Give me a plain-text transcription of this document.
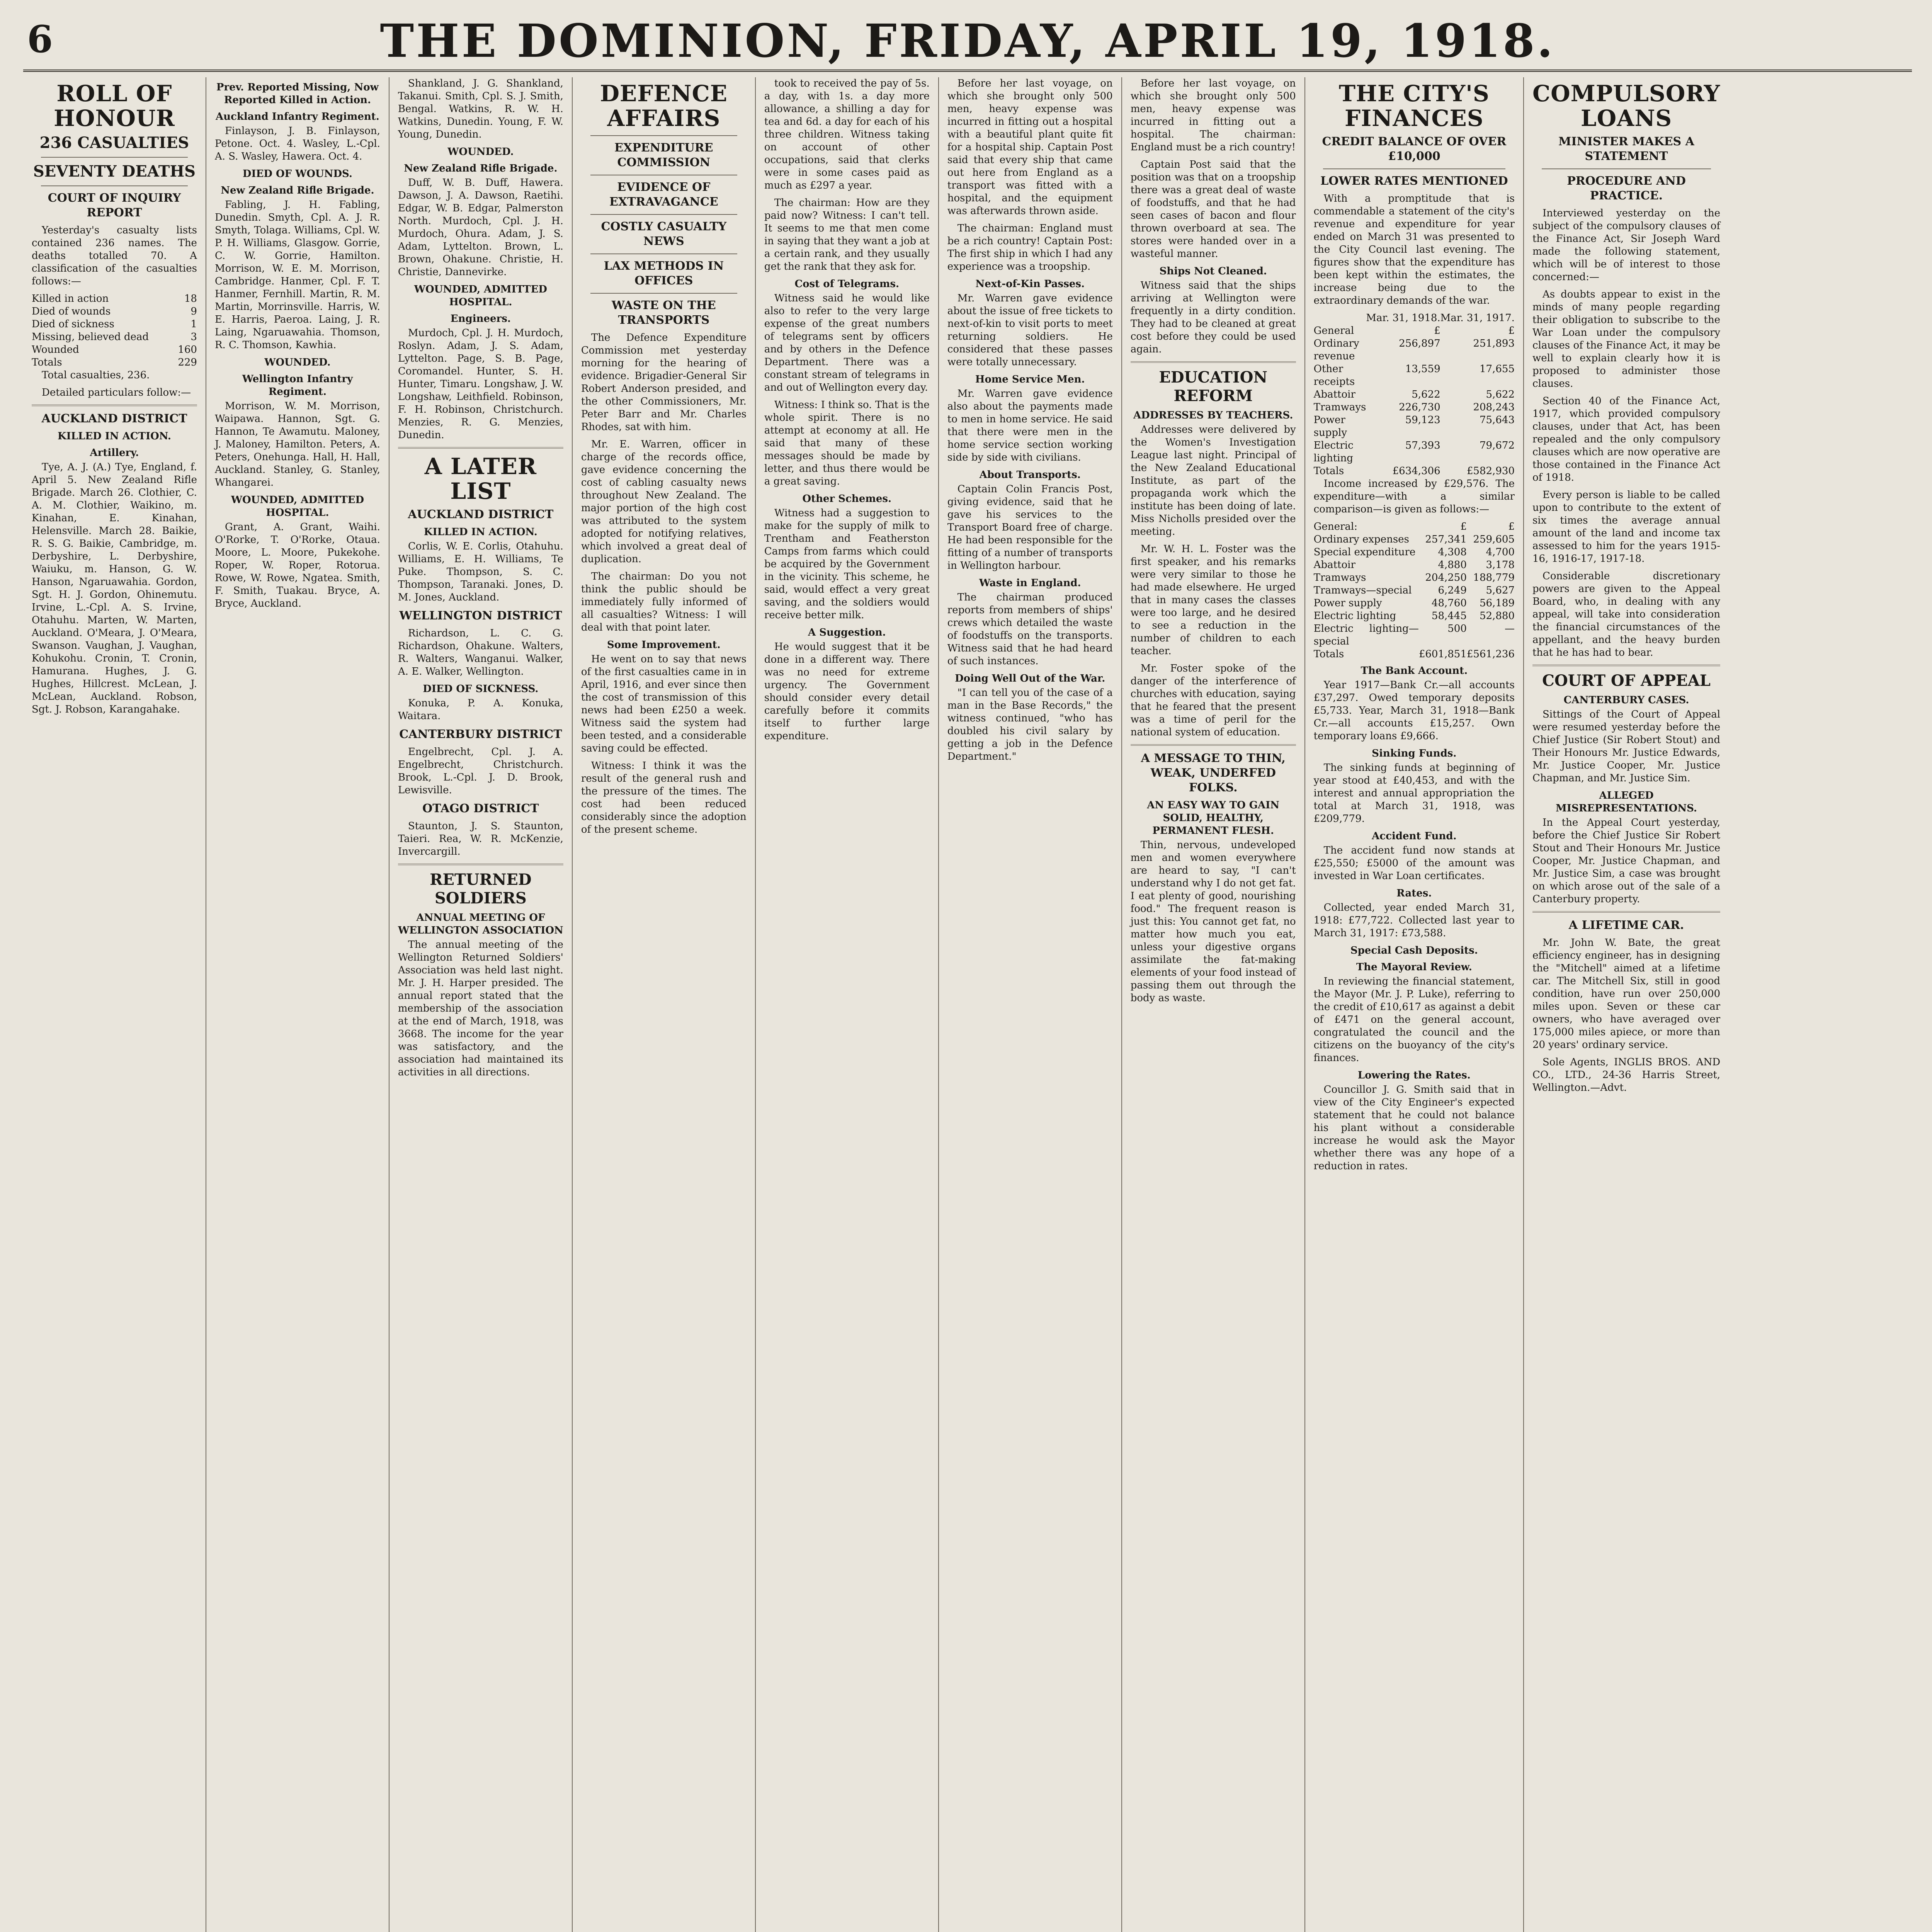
6	THE DOMINION, FRIDAY, APRIL 19, 1918.
ROLL OF HONOUR
236 CASUALTIES
SEVENTY DEATHS
COURT OF INQUIRY REPORT

Yesterday's casualty lists contained 236 names. The deaths totalled 70. A classification of the casualties follows:—

Killed in action	18
Died of wounds	9
Died of sickness	1
Missing, believed dead	3
Wounded	160
Totals	229

Total casualties, 236.

Detailed particulars follow:—

AUCKLAND DISTRICT
KILLED IN ACTION.
Artillery.

Tye, A. J. (A.) Tye, England, f. April 5. New Zealand Rifle Brigade. March 26. Clothier, C. A. M. Clothier, Waikino, m. Kinahan, E. Kinahan, Helensville. March 28. Baikie, R. S. G. Baikie, Cambridge, m. Derbyshire, L. Derbyshire, Waiuku, m. Hanson, G. W. Hanson, Ngaruawahia. Gordon, Sgt. H. J. Gordon, Ohinemutu. Irvine, L.-Cpl. A. S. Irvine, Otahuhu. Marten, W. Marten, Auckland. O'Meara, J. O'Meara, Swanson. Vaughan, J. Vaughan, Kohukohu. Cronin, T. Cronin, Hamurana. Hughes, J. G. Hughes, Hillcrest. McLean, J. McLean, Auckland. Robson, Sgt. J. Robson, Karangahake.

Prev. Reported Missing, Now Reported Killed in Action.
Auckland Infantry Regiment.

Finlayson, J. B. Finlayson, Petone. Oct. 4. Wasley, L.-Cpl. A. S. Wasley, Hawera. Oct. 4.

DIED OF WOUNDS.
New Zealand Rifle Brigade.

Fabling, J. H. Fabling, Dunedin. Smyth, Cpl. A. J. R. Smyth, Tolaga. Williams, Cpl. W. P. H. Williams, Glasgow. Gorrie, C. W. Gorrie, Hamilton. Morrison, W. E. M. Morrison, Cambridge. Hanmer, Cpl. F. T. Hanmer, Fernhill. Martin, R. M. Martin, Morrinsville. Harris, W. E. Harris, Paeroa. Laing, J. R. Laing, Ngaruawahia. Thomson, R. C. Thomson, Kawhia.

WOUNDED.
Wellington Infantry Regiment.

Morrison, W. M. Morrison, Waipawa. Hannon, Sgt. G. Hannon, Te Awamutu. Maloney, J. Maloney, Hamilton. Peters, A. Peters, Onehunga. Hall, H. Hall, Auckland. Stanley, G. Stanley, Whangarei.

WOUNDED, ADMITTED HOSPITAL.

Grant, A. Grant, Waihi. O'Rorke, T. O'Rorke, Otaua. Moore, L. Moore, Pukekohe. Roper, W. Roper, Rotorua. Rowe, W. Rowe, Ngatea. Smith, F. Smith, Tuakau. Bryce, A. Bryce, Auckland.

Shankland, J. G. Shankland, Takanui. Smith, Cpl. S. J. Smith, Bengal. Watkins, R. W. H. Watkins, Dunedin. Young, F. W. Young, Dunedin.

WOUNDED.
New Zealand Rifle Brigade.

Duff, W. B. Duff, Hawera. Dawson, J. A. Dawson, Raetihi. Edgar, W. B. Edgar, Palmerston North. Murdoch, Cpl. J. H. Murdoch, Ohura. Adam, J. S. Adam, Lyttelton. Brown, L. Brown, Ohakune. Christie, H. Christie, Dannevirke.

WOUNDED, ADMITTED HOSPITAL.
Engineers.

Murdoch, Cpl. J. H. Murdoch, Roslyn. Adam, J. S. Adam, Lyttelton. Page, S. B. Page, Coromandel. Hunter, S. H. Hunter, Timaru. Longshaw, J. W. Longshaw, Leithfield. Robinson, F. H. Robinson, Christchurch. Menzies, R. G. Menzies, Dunedin.

A LATER LIST
AUCKLAND DISTRICT
KILLED IN ACTION.

Corlis, W. E. Corlis, Otahuhu. Williams, E. H. Williams, Te Puke. Thompson, S. C. Thompson, Taranaki. Jones, D. M. Jones, Auckland.

WELLINGTON DISTRICT

Richardson, L. C. G. Richardson, Ohakune. Walters, R. Walters, Wanganui. Walker, A. E. Walker, Wellington.

DIED OF SICKNESS.

Konuka, P. A. Konuka, Waitara.

CANTERBURY DISTRICT

Engelbrecht, Cpl. J. A. Engelbrecht, Christchurch. Brook, L.-Cpl. J. D. Brook, Lewisville.

OTAGO DISTRICT

Staunton, J. S. Staunton, Taieri. Rea, W. R. McKenzie, Invercargill.

RETURNED SOLDIERS
ANNUAL MEETING OF WELLINGTON ASSOCIATION

The annual meeting of the Wellington Returned Soldiers' Association was held last night. Mr. J. H. Harper presided. The annual report stated that the membership of the association at the end of March, 1918, was 3668. The income for the year was satisfactory, and the association had maintained its activities in all directions.

DEFENCE AFFAIRS
EXPENDITURE COMMISSION
EVIDENCE OF EXTRAVAGANCE
COSTLY CASUALTY NEWS
LAX METHODS IN OFFICES
WASTE ON THE TRANSPORTS

The Defence Expenditure Commission met yesterday morning for the hearing of evidence. Brigadier-General Sir Robert Anderson presided, and the other Commissioners, Mr. Peter Barr and Mr. Charles Rhodes, sat with him.

Mr. E. Warren, officer in charge of the records office, gave evidence concerning the cost of cabling casualty news throughout New Zealand. The major portion of the high cost was attributed to the system adopted for notifying relatives, which involved a great deal of duplication.

The chairman: Do you not think the public should be immediately fully informed of all casualties? Witness: I will deal with that point later.

Some Improvement.

He went on to say that news of the first casualties came in in April, 1916, and ever since then the cost of transmission of this news had been £250 a week. Witness said the system had been tested, and a considerable saving could be effected.

Witness: I think it was the result of the general rush and the pressure of the times. The cost had been reduced considerably since the adoption of the present scheme.

took to received the pay of 5s. a day, with 1s. a day more allowance, a shilling a day for tea and 6d. a day for each of his three children. Witness taking on account of other occupations, said that clerks were in some cases paid as much as £297 a year.

The chairman: How are they paid now? Witness: I can't tell. It seems to me that men come in saying that they want a job at a certain rank, and they usually get the rank that they ask for.

Cost of Telegrams.

Witness said he would like also to refer to the very large expense of the great numbers of telegrams sent by officers and by others in the Defence Department. There was a constant stream of telegrams in and out of Wellington every day.

Witness: I think so. That is the whole spirit. There is no attempt at economy at all. He said that many of these messages should be made by letter, and thus there would be a great saving.

Other Schemes.

Witness had a suggestion to make for the supply of milk to Trentham and Featherston Camps from farms which could be acquired by the Government in the vicinity. This scheme, he said, would effect a very great saving, and the soldiers would receive better milk.

A Suggestion.

He would suggest that it be done in a different way. There was no need for extreme urgency. The Government should consider every detail carefully before it commits itself to further large expenditure.

Before her last voyage, on which she brought only 500 men, heavy expense was incurred in fitting out a hospital with a beautiful plant quite fit for a hospital ship. Captain Post said that every ship that came out here from England as a transport was fitted with a hospital, and the equipment was afterwards thrown aside.

The chairman: England must be a rich country! Captain Post: The first ship in which I had any experience was a troopship.

Next-of-Kin Passes.

Mr. Warren gave evidence about the issue of free tickets to next-of-kin to visit ports to meet returning soldiers. He considered that these passes were totally unnecessary.

Home Service Men.

Mr. Warren gave evidence also about the payments made to men in home service. He said that there were men in the home service section working side by side with civilians.

About Transports.

Captain Colin Francis Post, giving evidence, said that he gave his services to the Transport Board free of charge. He had been responsible for the fitting of a number of transports in Wellington harbour.

Waste in England.

The chairman produced reports from members of ships' crews which detailed the waste of foodstuffs on the transports. Witness said that he had heard of such instances.

Doing Well Out of the War.

"I can tell you of the case of a man in the Base Records," the witness continued, "who has doubled his civil salary by getting a job in the Defence Department."

Before her last voyage, on which she brought only 500 men, heavy expense was incurred in fitting out a hospital. The chairman: England must be a rich country!

Captain Post said that the position was that on a troopship there was a great deal of waste of foodstuffs, and that he had seen cases of bacon and flour thrown overboard at sea. The stores were handed over in a wasteful manner.

Ships Not Cleaned.

Witness said that the ships arriving at Wellington were frequently in a dirty condition. They had to be cleaned at great cost before they could be used again.

EDUCATION REFORM
ADDRESSES BY TEACHERS.

Addresses were delivered by the Women's Investigation League last night. Principal of the New Zealand Educational Institute, as part of the propaganda work which the institute has been doing of late. Miss Nicholls presided over the meeting.

Mr. W. H. L. Foster was the first speaker, and his remarks were very similar to those he had made elsewhere. He urged that in many cases the classes were too large, and he desired to see a reduction in the number of children to each teacher.

Mr. Foster spoke of the danger of the interference of churches with education, saying that he feared that the present was a time of peril for the national system of education.

A MESSAGE TO THIN, WEAK, UNDERFED FOLKS.
AN EASY WAY TO GAIN SOLID, HEALTHY, PERMANENT FLESH.

Thin, nervous, undeveloped men and women everywhere are heard to say, "I can't understand why I do not get fat. I eat plenty of good, nourishing food." The frequent reason is just this: You cannot get fat, no matter how much you eat, unless your digestive organs assimilate the fat-making elements of your food instead of passing them out through the body as waste.

THE CITY'S FINANCES
CREDIT BALANCE OF OVER £10,000
LOWER RATES MENTIONED

With a promptitude that is commendable a statement of the city's revenue and expenditure for year ended on March 31 was presented to the City Council last evening. The figures show that the expenditure has been kept within the estimates, the increase being due to the extraordinary demands of the war.

	Mar. 31, 1918.	Mar. 31, 1917.
General	£	£
Ordinary revenue	256,897	251,893
Other receipts	13,559	17,655
Abattoir	5,622	5,622
Tramways	226,730	208,243
Power supply	59,123	75,643
Electric lighting	57,393	79,672
Totals	£634,306	£582,930

Income increased by £29,576. The expenditure—with a similar comparison—is given as follows:—

General:	£	£
Ordinary expenses	257,341	259,605
Special expenditure	4,308	4,700
Abattoir	4,880	3,178
Tramways	204,250	188,779
Tramways—special	6,249	5,627
Power supply	48,760	56,189
Electric lighting	58,445	52,880
Electric lighting—special	500	—
Totals	£601,851	£561,236
The Bank Account.

Year 1917—Bank Cr.—all accounts £37,297. Owed temporary deposits £5,733. Year, March 31, 1918—Bank Cr.—all accounts £15,257. Own temporary loans £9,666.

Sinking Funds.

The sinking funds at beginning of year stood at £40,453, and with the interest and annual appropriation the total at March 31, 1918, was £209,779.

Accident Fund.

The accident fund now stands at £25,550; £5000 of the amount was invested in War Loan certificates.

Rates.

Collected, year ended March 31, 1918: £77,722. Collected last year to March 31, 1917: £73,588.

Special Cash Deposits.
The Mayoral Review.

In reviewing the financial statement, the Mayor (Mr. J. P. Luke), referring to the credit of £10,617 as against a debit of £471 on the general account, congratulated the council and the citizens on the buoyancy of the city's finances.

Lowering the Rates.

Councillor J. G. Smith said that in view of the City Engineer's expected statement that he could not balance his plant without a considerable increase he would ask the Mayor whether there was any hope of a reduction in rates.

COMPULSORY LOANS
MINISTER MAKES A STATEMENT
PROCEDURE AND PRACTICE.

Interviewed yesterday on the subject of the compulsory clauses of the Finance Act, Sir Joseph Ward made the following statement, which will be of interest to those concerned:—

As doubts appear to exist in the minds of many people regarding their obligation to subscribe to the War Loan under the compulsory clauses of the Finance Act, it may be well to explain clearly how it is proposed to administer those clauses.

Section 40 of the Finance Act, 1917, which provided compulsory clauses, under that Act, has been repealed and the only compulsory clauses which are now operative are those contained in the Finance Act of 1918.

Every person is liable to be called upon to contribute to the extent of six times the average annual amount of the land and income tax assessed to him for the years 1915-16, 1916-17, 1917-18.

Considerable discretionary powers are given to the Appeal Board, who, in dealing with any appeal, will take into consideration the financial circumstances of the appellant, and the heavy burden that he has had to bear.

COURT OF APPEAL
CANTERBURY CASES.

Sittings of the Court of Appeal were resumed yesterday before the Chief Justice (Sir Robert Stout) and Their Honours Mr. Justice Edwards, Mr. Justice Cooper, Mr. Justice Chapman, and Mr. Justice Sim.

ALLEGED MISREPRESENTATIONS.

In the Appeal Court yesterday, before the Chief Justice Sir Robert Stout and Their Honours Mr. Justice Cooper, Mr. Justice Chapman, and Mr. Justice Sim, a case was brought on which arose out of the sale of a Canterbury property.

A LIFETIME CAR.

Mr. John W. Bate, the great efficiency engineer, has in designing the "Mitchell" aimed at a lifetime car. The Mitchell Six, still in good condition, have run over 250,000 miles upon. Seven or these car owners, who have averaged over 175,000 miles apiece, or more than 20 years' ordinary service.

Sole Agents, INGLIS BROS. AND CO., LTD., 24-36 Harris Street, Wellington.—Advt.
